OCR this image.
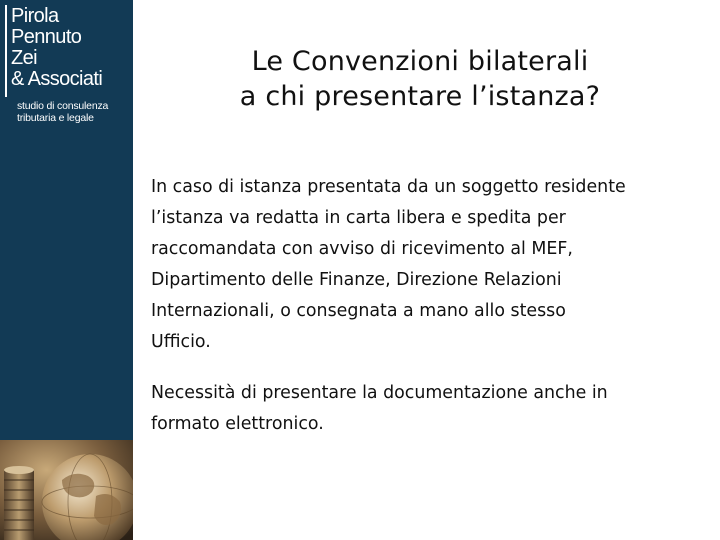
Pirola
Pennuto
Zei
& Associati
studio di consulenza
tributaria e legale
Le Convenzioni bilaterali
a chi presentare l’istanza?

In caso di istanza presentata da un soggetto residente
l’istanza va redatta in carta libera e spedita per
raccomandata con avviso di ricevimento al MEF,
Dipartimento delle Finanze, Direzione Relazioni
Internazionali, o consegnata a mano allo stesso
Ufficio.

Necessità di presentare la documentazione anche in
formato elettronico.
